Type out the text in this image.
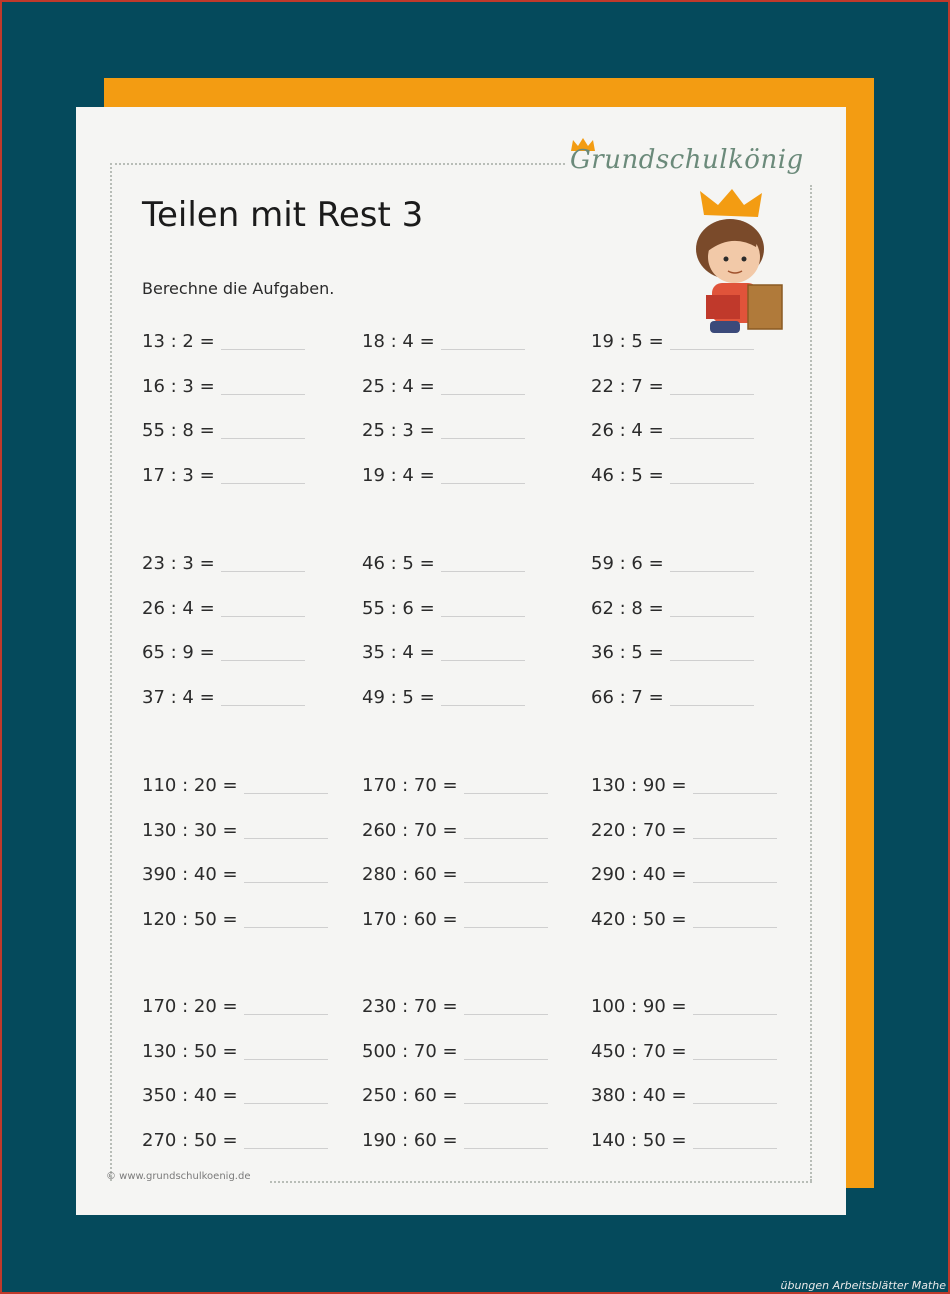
Grundschulkönig
Teilen mit Rest 3
Berechne die Aufgaben.
13 : 2 =	18 : 4 =	19 : 5 =
16 : 3 =	25 : 4 =	22 : 7 =
55 : 8 =	25 : 3 =	26 : 4 =
17 : 3 =	19 : 4 =	46 : 5 =
23 : 3 =	46 : 5 =	59 : 6 =
26 : 4 =	55 : 6 =	62 : 8 =
65 : 9 =	35 : 4 =	36 : 5 =
37 : 4 =	49 : 5 =	66 : 7 =
110 : 20 =	170 : 70 =	130 : 90 =
130 : 30 =	260 : 70 =	220 : 70 =
390 : 40 =	280 : 60 =	290 : 40 =
120 : 50 =	170 : 60 =	420 : 50 =
170 : 20 =	230 : 70 =	100 : 90 =
130 : 50 =	500 : 70 =	450 : 70 =
350 : 40 =	250 : 60 =	380 : 40 =
270 : 50 =	190 : 60 =	140 : 50 =
© www.grundschulkoenig.de
übungen Arbeitsblätter Mathe
